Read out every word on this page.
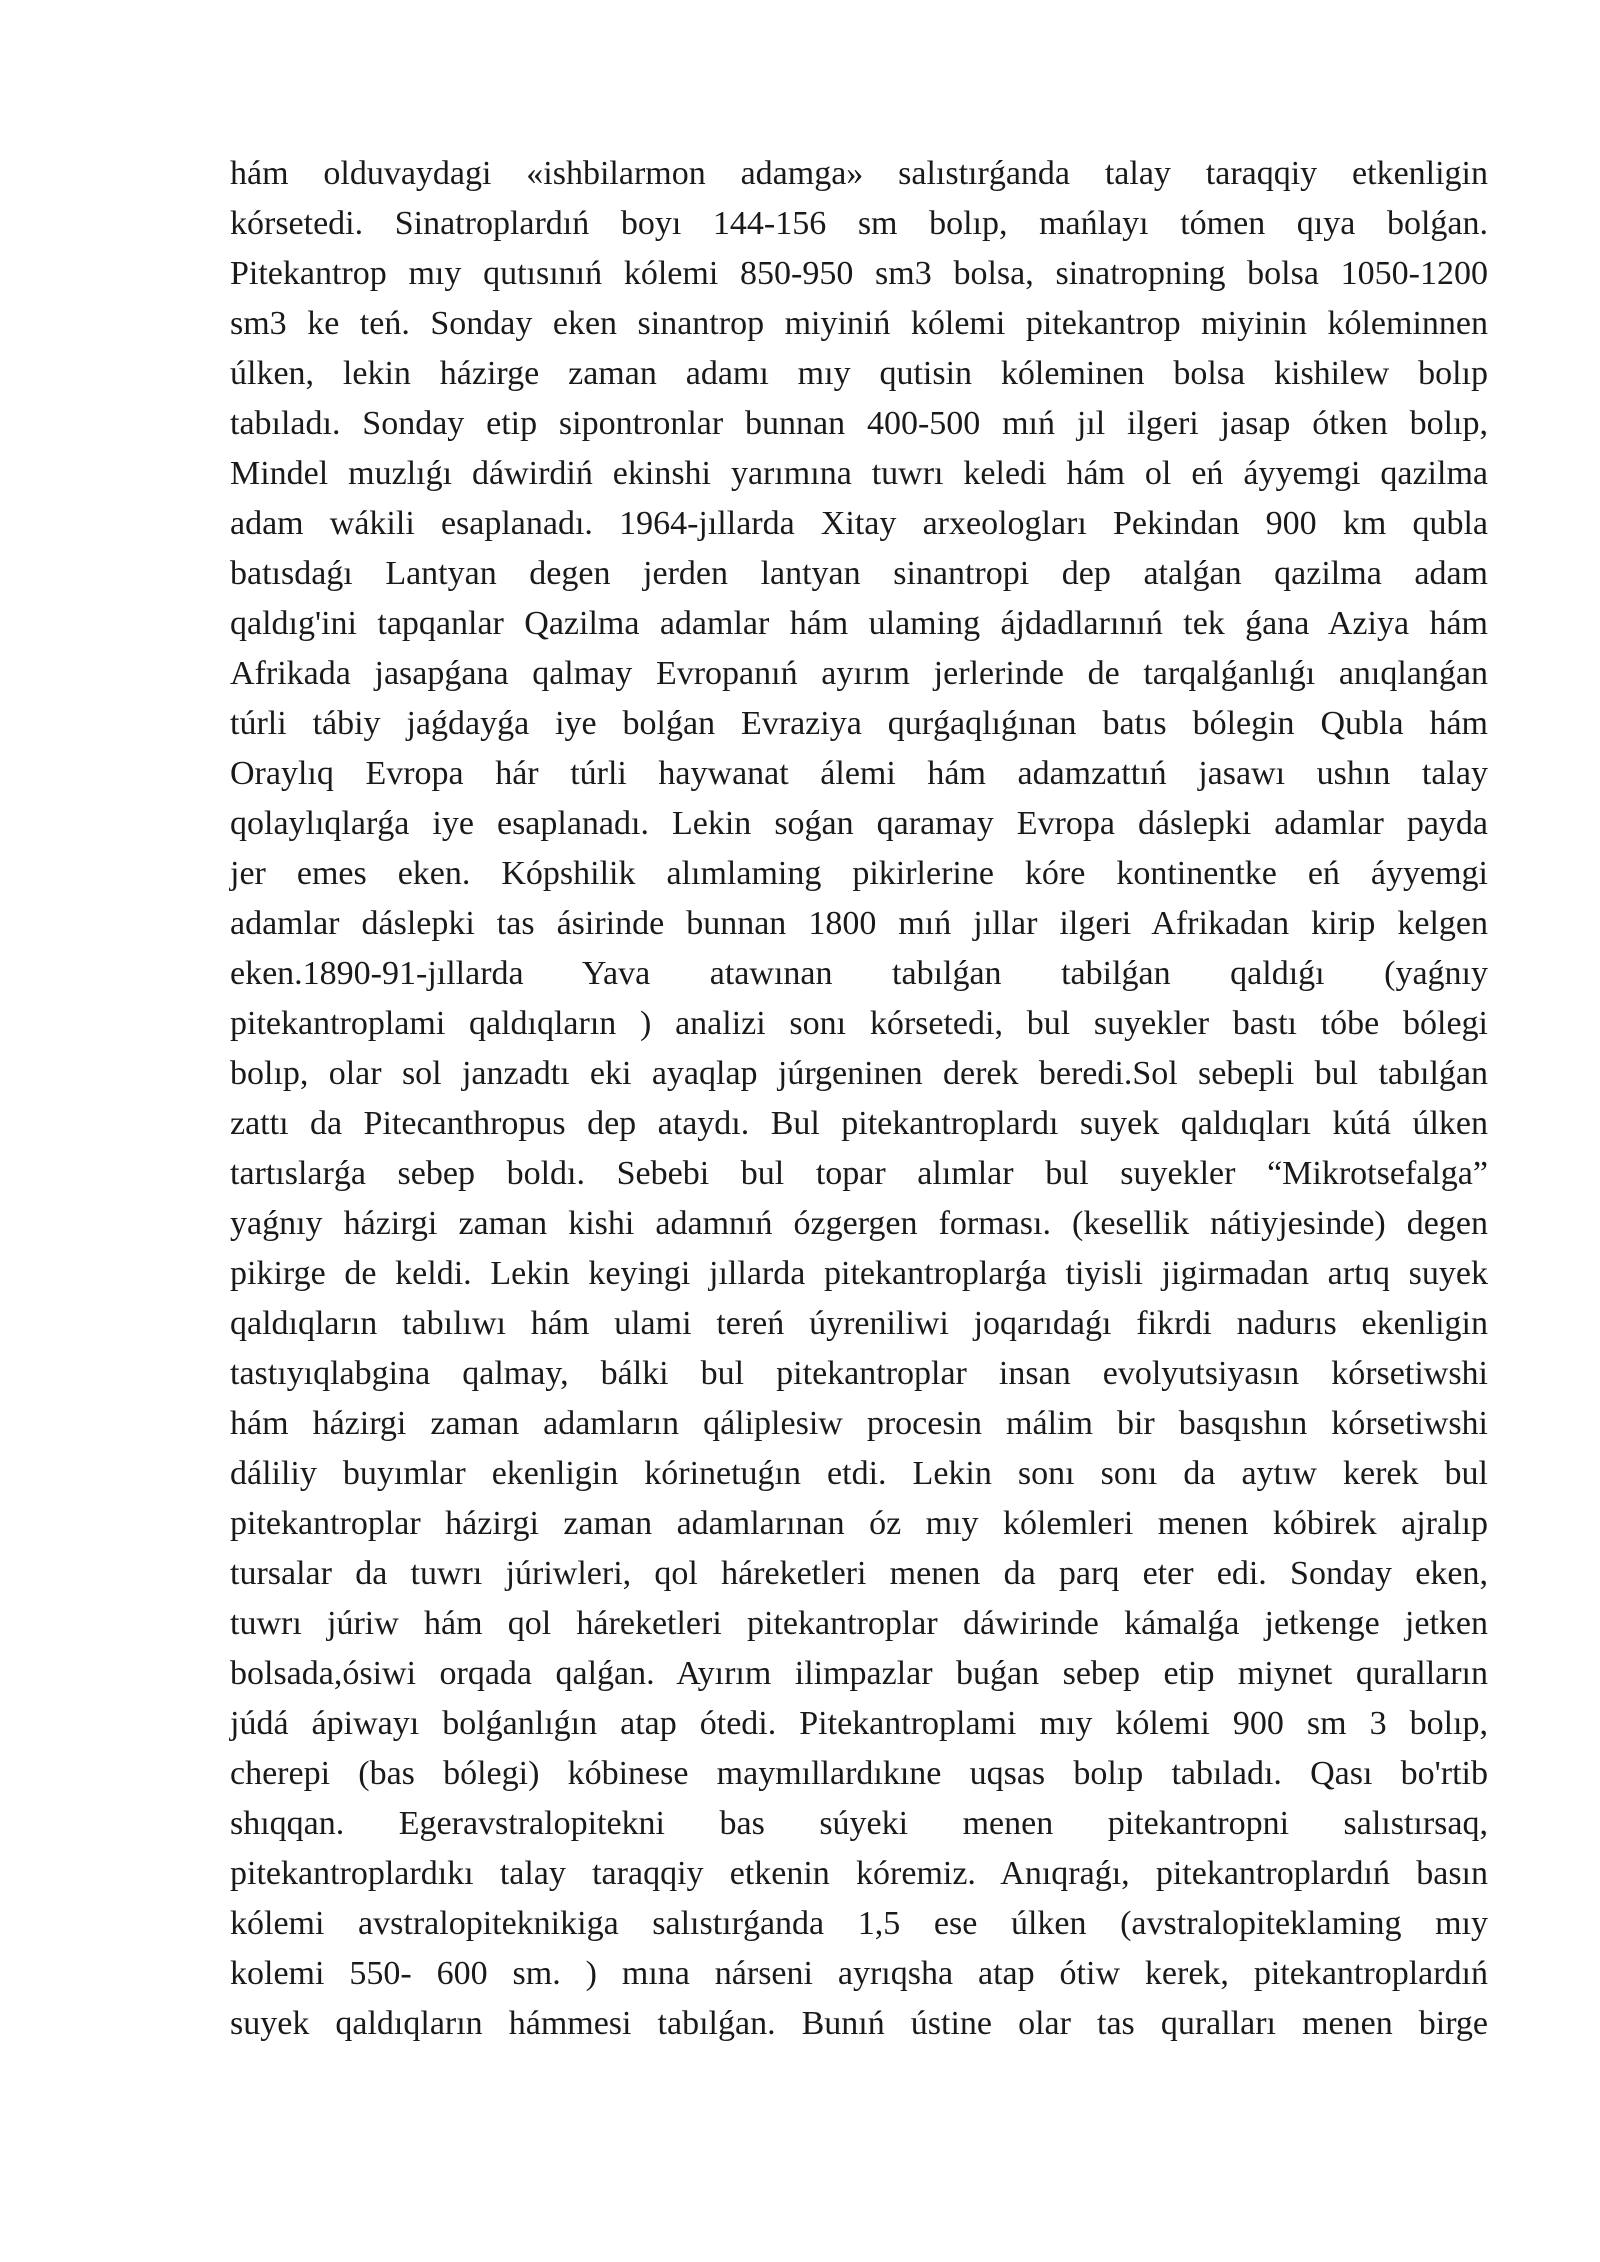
hám olduvaydagi «ishbilarmon adamga» salıstırǵanda talay taraqqiy etkenligin
kórsetedi. Sinatroplardıń boyı 144-156 sm bolıp, mańlayı tómen qıya bolǵan.
Pitekantrop mıy qutısınıń kólemi 850-950 sm3 bolsa, sinatropning bolsa 1050-1200
sm3 ke teń. Sonday eken sinantrop miyiniń kólemi pitekantrop miyinin kóleminnen
úlken, lekin házirge zaman adamı mıy qutisin kóleminen bolsa kishilew bolıp
tabıladı. Sonday etip sipontronlar bunnan 400-500 mıń jıl ilgeri jasap ótken bolıp,
Mindel muzlıǵı dáwirdiń ekinshi yarımına tuwrı keledi hám ol eń áyyemgi qazilma
adam wákili esaplanadı. 1964-jıllarda Xitay arxeologları Pekindan 900 km qubla
batısdaǵı Lantyan degen jerden lantyan sinantropi dep atalǵan qazilma adam
qaldıg'ini tapqanlar Qazilma adamlar hám ulaming ájdadlarınıń tek ǵana Aziya hám
Afrikada jasapǵana qalmay Evropanıń ayırım jerlerinde de tarqalǵanlıǵı anıqlanǵan
túrli tábiy jaǵdayǵa iye bolǵan Evraziya qurǵaqlıǵınan batıs bólegin Qubla hám
Oraylıq Evropa hár túrli haywanat álemi hám adamzattıń jasawı ushın talay
qolaylıqlarǵa iye esaplanadı. Lekin soǵan qaramay Evropa dáslepki adamlar payda
jer emes eken. Kópshilik alımlaming pikirlerine kóre kontinentke eń áyyemgi
adamlar dáslepki tas ásirinde bunnan 1800 mıń jıllar ilgeri Afrikadan kirip kelgen
eken.1890-91-jıllarda Yava atawınan tabılǵan tabilǵan qaldıǵı (yaǵnıy
pitekantroplami qaldıqların ) analizi sonı kórsetedi, bul suyekler bastı tóbe bólegi
bolıp, olar sol janzadtı eki ayaqlap júrgeninen derek beredi.Sol sebepli bul tabılǵan
zattı da Pitecanthropus dep ataydı. Bul pitekantroplardı suyek qaldıqları kútá úlken
tartıslarǵa sebep boldı. Sebebi bul topar alımlar bul suyekler “Mikrotsefalga”
yaǵnıy házirgi zaman kishi adamnıń ózgergen forması. (kesellik nátiyjesinde) degen
pikirge de keldi. Lekin keyingi jıllarda pitekantroplarǵa tiyisli jigirmadan artıq suyek
qaldıqların tabılıwı hám ulami tereń úyreniliwi joqarıdaǵı fikrdi nadurıs ekenligin
tastıyıqlabgina qalmay, bálki bul pitekantroplar insan evolyutsiyasın kórsetiwshi
hám házirgi zaman adamların qáliplesiw procesin málim bir basqıshın kórsetiwshi
dáliliy buyımlar ekenligin kórinetuǵın etdi. Lekin sonı sonı da aytıw kerek bul
pitekantroplar házirgi zaman adamlarınan óz mıy kólemleri menen kóbirek ajralıp
tursalar da tuwrı júriwleri, qol háreketleri menen da parq eter edi. Sonday eken,
tuwrı júriw hám qol háreketleri pitekantroplar dáwirinde kámalǵa jetkenge jetken
bolsada,ósiwi orqada qalǵan. Ayırım ilimpazlar buǵan sebep etip miynet quralların
júdá ápiwayı bolǵanlıǵın atap ótedi. Pitekantroplami mıy kólemi 900 sm 3 bolıp,
cherepi (bas bólegi) kóbinese maymıllardıkıne uqsas bolıp tabıladı. Qası bo'rtib
shıqqan. Egeravstralopitekni bas súyeki menen pitekantropni salıstırsaq,
pitekantroplardıkı talay taraqqiy etkenin kóremiz. Anıqraǵı, pitekantroplardıń basın
kólemi avstralopiteknikiga salıstırǵanda 1,5 ese úlken (avstralopiteklaming mıy
kolemi 550- 600 sm. ) mına nárseni ayrıqsha atap ótiw kerek, pitekantroplardıń
suyek qaldıqların hámmesi tabılǵan. Bunıń ústine olar tas quralları menen birge
